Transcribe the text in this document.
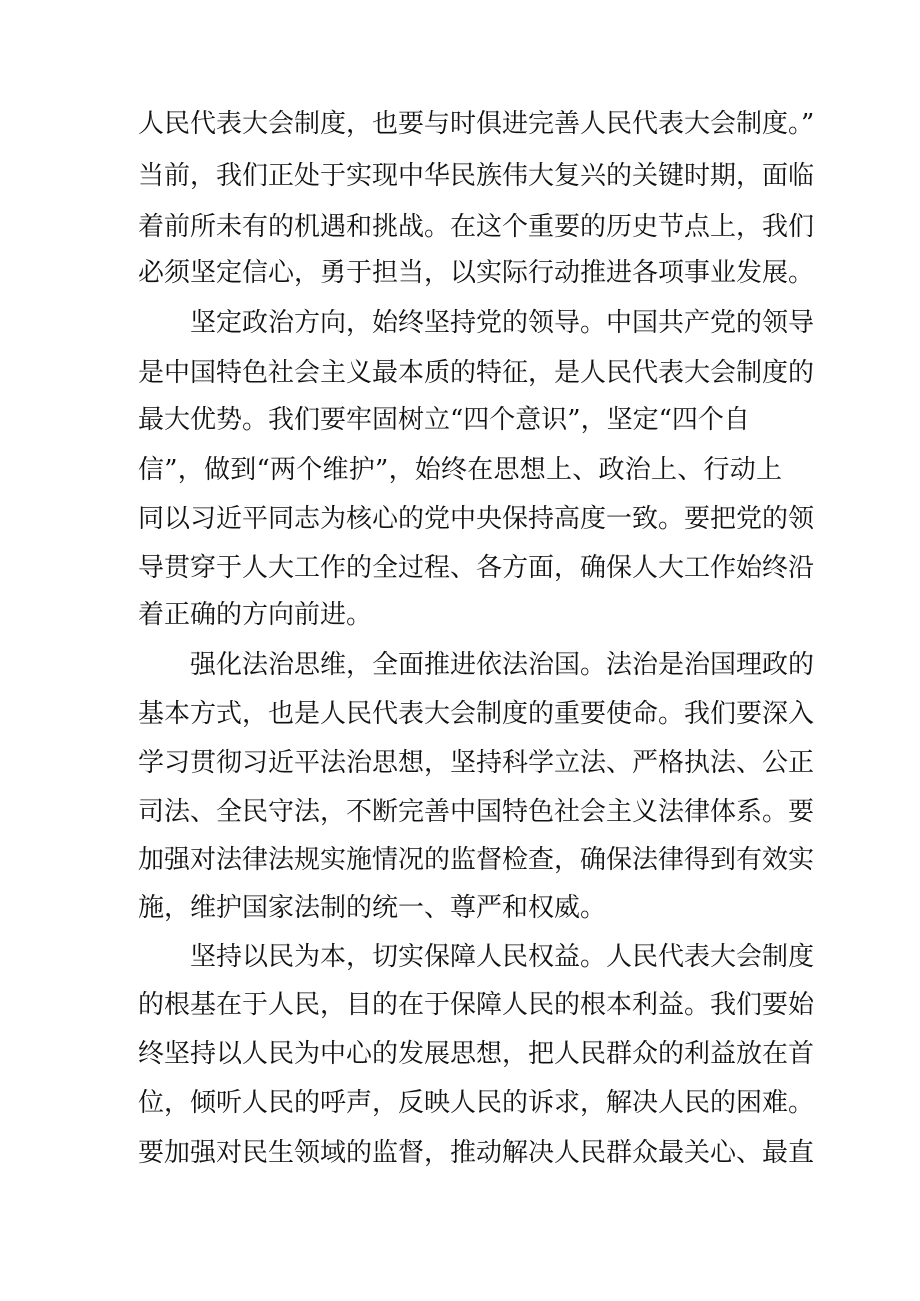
人民代表大会制度，也要与时俱进完善人民代表大会制度。”
当前，我们正处于实现中华民族伟大复兴的关键时期，面临
着前所未有的机遇和挑战。在这个重要的历史节点上，我们
必须坚定信心，勇于担当，以实际行动推进各项事业发展。
坚定政治方向，始终坚持党的领导。中国共产党的领导
是中国特色社会主义最本质的特征，是人民代表大会制度的
最大优势。我们要牢固树立“四个意识”，坚定“四个自
信”，做到“两个维护”，始终在思想上、政治上、行动上
同以习近平同志为核心的党中央保持高度一致。要把党的领
导贯穿于人大工作的全过程、各方面，确保人大工作始终沿
着正确的方向前进。
强化法治思维，全面推进依法治国。法治是治国理政的
基本方式，也是人民代表大会制度的重要使命。我们要深入
学习贯彻习近平法治思想，坚持科学立法、严格执法、公正
司法、全民守法，不断完善中国特色社会主义法律体系。要
加强对法律法规实施情况的监督检查，确保法律得到有效实
施，维护国家法制的统一、尊严和权威。
坚持以民为本，切实保障人民权益。人民代表大会制度
的根基在于人民，目的在于保障人民的根本利益。我们要始
终坚持以人民为中心的发展思想，把人民群众的利益放在首
位，倾听人民的呼声，反映人民的诉求，解决人民的困难。
要加强对民生领域的监督，推动解决人民群众最关心、最直
